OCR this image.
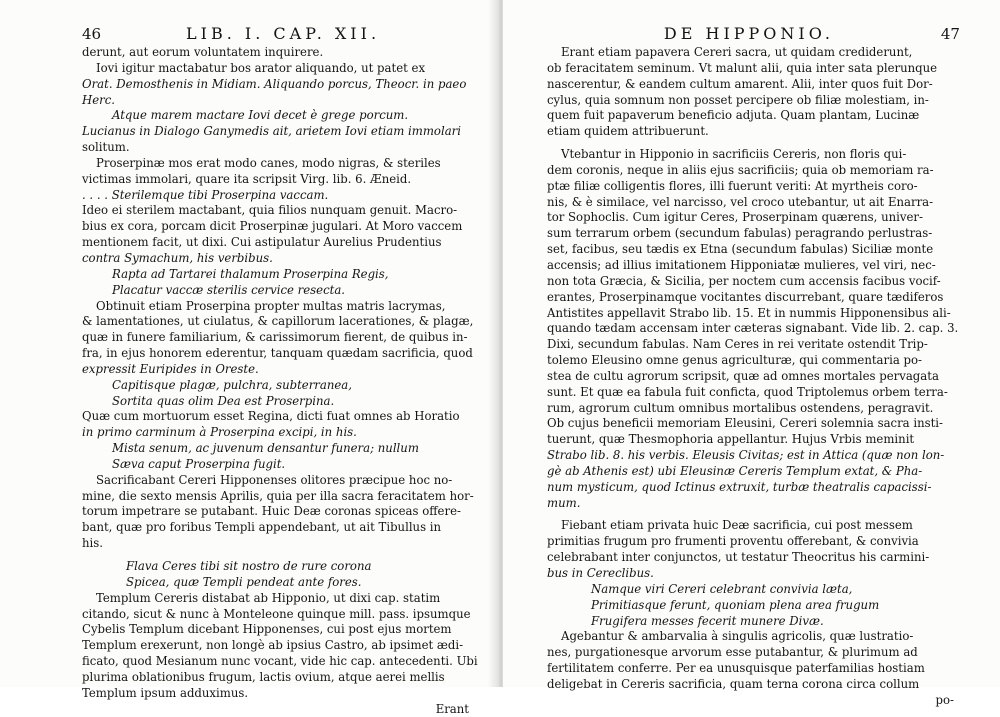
46	LIB. I. CAP. XII.
derunt, aut eorum voluntatem inquirere.
Iovi igitur mactabatur bos arator aliquando, ut patet ex
Orat. Demosthenis in Midiam. Aliquando porcus, Theocr. in paeo
Herc.
Atque marem mactare Iovi decet è grege porcum.
Lucianus in Dialogo Ganymedis ait, arietem Iovi etiam immolari
solitum.
Proserpinæ mos erat modo canes, modo nigras, & steriles
victimas immolari, quare ita scripsit Virg. lib. 6. Æneid.
. . . . Sterilemque tibi Proserpina vaccam.
Ideo ei sterilem mactabant, quia filios nunquam genuit. Macro-
bius ex cora, porcam dicit Proserpinæ jugulari. At Moro vaccem
mentionem facit, ut dixi. Cui astipulatur Aurelius Prudentius
contra Symachum, his verbibus.
Rapta ad Tartarei thalamum Proserpina Regis,
Placatur vaccæ sterilis cervice resecta.
Obtinuit etiam Proserpina propter multas matris lacrymas,
& lamentationes, ut ciulatus, & capillorum lacerationes, & plagæ,
quæ in funere familiarium, & carissimorum fierent, de quibus in-
fra, in ejus honorem ederentur, tanquam quædam sacrificia, quod
expressit Euripides in Oreste.
Capitisque plagæ, pulchra, subterranea,
Sortita quas olim Dea est Proserpina.
Quæ cum mortuorum esset Regina, dicti fuat omnes ab Horatio
in primo carminum à Proserpina excipi, in his.
Mista senum, ac juvenum densantur funera; nullum
Sæva caput Proserpina fugit.
Sacrificabant Cereri Hipponenses olitores præcipue hoc no-
mine, die sexto mensis Aprilis, quia per illa sacra feracitatem hor-
torum impetrare se putabant. Huic Deæ coronas spiceas offere-
bant, quæ pro foribus Templi appendebant, ut ait Tibullus in
his.
Flava Ceres tibi sit nostro de rure corona
Spicea, quæ Templi pendeat ante fores.
Templum Cereris distabat ab Hipponio, ut dixi cap. statim
citando, sicut & nunc à Monteleone quinque mill. pass. ipsumque
Cybelis Templum dicebant Hipponenses, cui post ejus mortem
Templum erexerunt, non longè ab ipsius Castro, ab ipsimet ædi-
ficato, quod Mesianum nunc vocant, vide hic cap. antecedenti. Ubi
plurima oblationibus frugum, lactis ovium, atque aerei mellis
Templum ipsum adduximus.
Erant
DE HIPPONIO.	47
Erant etiam papavera Cereri sacra, ut quidam crediderunt,
ob feracitatem seminum. Vt malunt alii, quia inter sata plerunque
nascerentur, & eandem cultum amarent. Alii, inter quos fuit Dor-
cylus, quia somnum non posset percipere ob filiæ molestiam, in-
quem fuit papaverum beneficio adjuta. Quam plantam, Lucinæ
etiam quidem attribuerunt.
Vtebantur in Hipponio in sacrificiis Cereris, non floris qui-
dem coronis, neque in aliis ejus sacrificiis; quia ob memoriam ra-
ptæ filiæ colligentis flores, illi fuerunt veriti: At myrtheis coro-
nis, & è similace, vel narcisso, vel croco utebantur, ut ait Enarra-
tor Sophoclis. Cum igitur Ceres, Proserpinam quærens, univer-
sum terrarum orbem (secundum fabulas) peragrando perlustras-
set, facibus, seu tædis ex Etna (secundum fabulas) Siciliæ monte
accensis; ad illius imitationem Hipponiatæ mulieres, vel viri, nec-
non tota Græcia, & Sicilia, per noctem cum accensis facibus vocif-
erantes, Proserpinamque vocitantes discurrebant, quare tædiferos
Antistites appellavit Strabo lib. 15. Et in nummis Hipponensibus ali-
quando tædam accensam inter cæteras signabant. Vide lib. 2. cap. 3.
Dixi, secundum fabulas. Nam Ceres in rei veritate ostendit Trip-
tolemo Eleusino omne genus agriculturæ, qui commentaria po-
stea de cultu agrorum scripsit, quæ ad omnes mortales pervagata
sunt. Et quæ ea fabula fuit conficta, quod Triptolemus orbem terra-
rum, agrorum cultum omnibus mortalibus ostendens, peragravit.
Ob cujus beneficii memoriam Eleusini, Cereri solemnia sacra insti-
tuerunt, quæ Thesmophoria appellantur. Hujus Vrbis meminit
Strabo lib. 8. his verbis. Eleusis Civitas; est in Attica (quæ non lon-
gè ab Athenis est) ubi Eleusinæ Cereris Templum extat, & Pha-
num mysticum, quod Ictinus extruxit, turbæ theatralis capacissi-
mum.
Fiebant etiam privata huic Deæ sacrificia, cui post messem
primitias frugum pro frumenti proventu offerebant, & convivia
celebrabant inter conjunctos, ut testatur Theocritus his carmini-
bus in Cereclibus.
Namque viri Cereri celebrant convivia læta,
Primitiasque ferunt, quoniam plena area frugum
Frugifera messes fecerit munere Divæ.
Agebantur & ambarvalia à singulis agricolis, quæ lustratio-
nes, purgationesque arvorum esse putabantur, & plurimum ad
fertilitatem conferre. Per ea unusquisque paterfamilias hostiam
deligebat in Cereris sacrificia, quam terna corona circa collum
po-
